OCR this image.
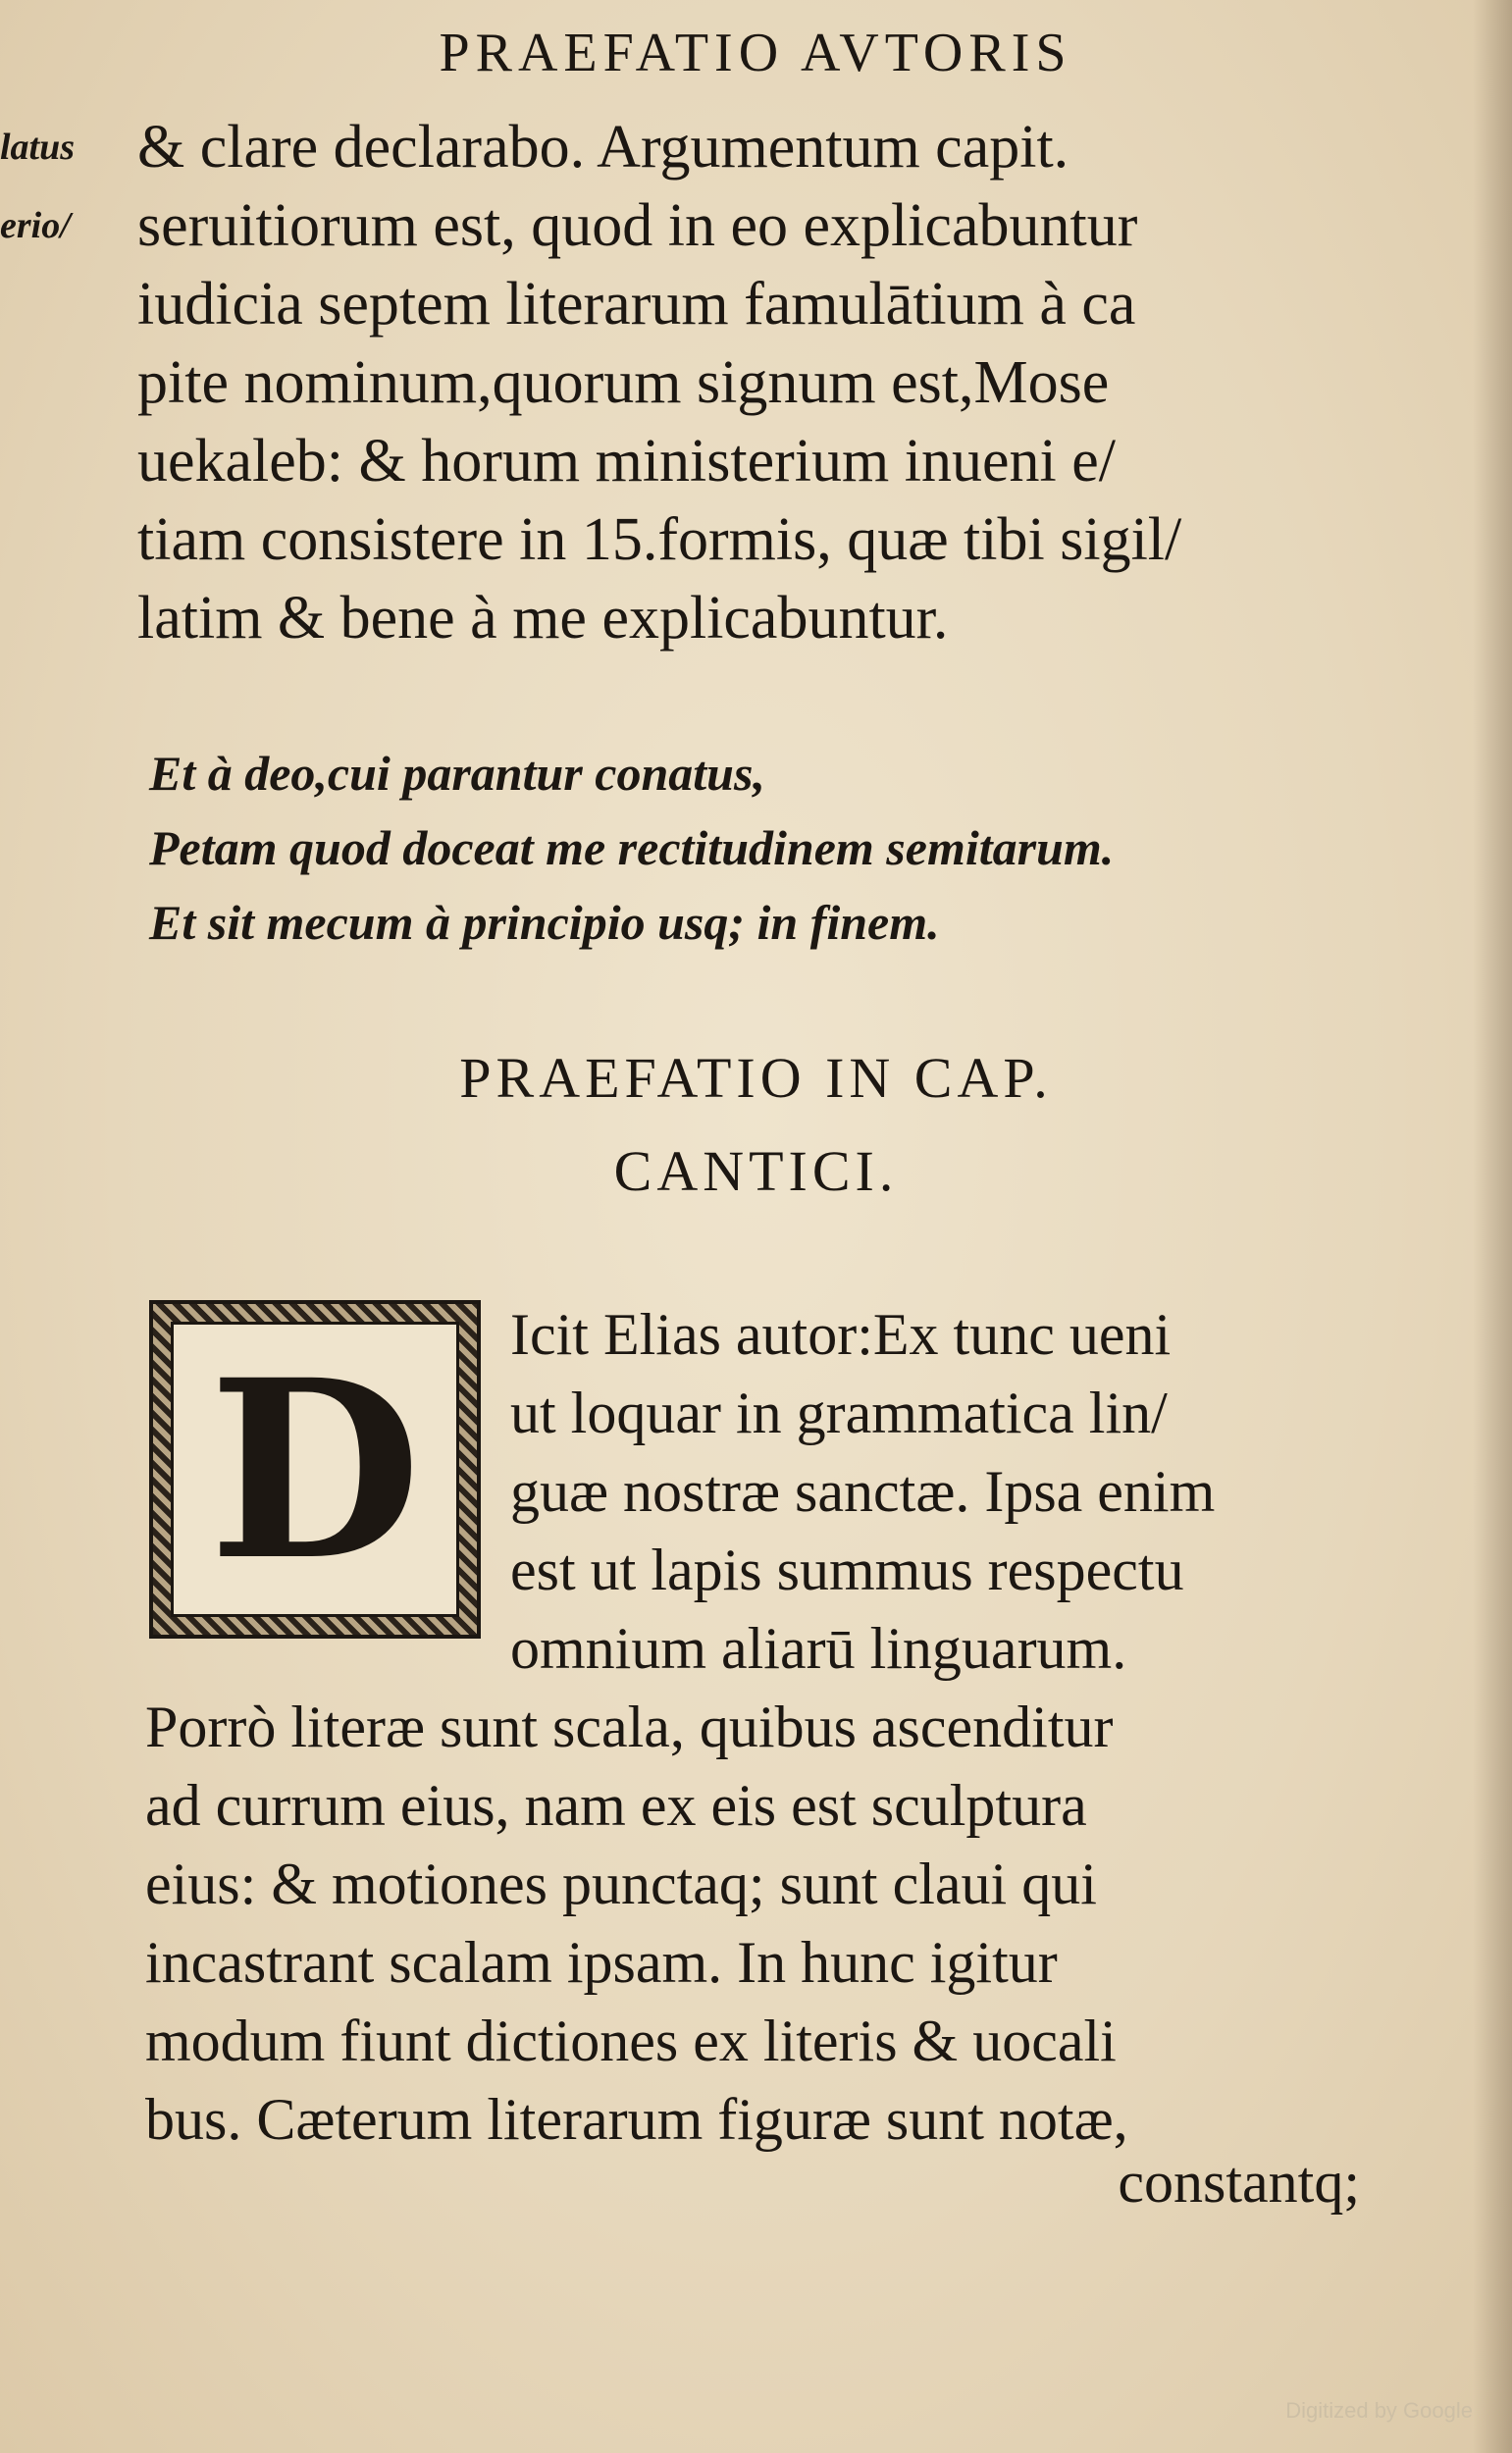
PRAEFATIO AVTORIS
latus
erio/
& clare declarabo. Argumentum capit.
seruitiorum est, quod in eo explicabuntur
iudicia septem literarum famulātium à ca
pite nominum,quorum signum est,Mose
uekaleb: & horum ministerium inueni e/
tiam consistere in 15.formis, quæ tibi sigil/
latim & bene à me explicabuntur.
Et à deo,cui parantur conatus,
Petam quod doceat me rectitudinem semitarum.
Et sit mecum à principio usq; in finem.
PRAEFATIO IN CAP.
CANTICI.
D Icit Elias autor:Ex tunc ueni
ut loquar in grammatica lin/
guæ nostræ sanctæ. Ipsa enim
est ut lapis summus respectu
omnium aliarū linguarum.
Porrò literæ sunt scala, quibus ascenditur
ad currum eius, nam ex eis est sculptura
eius: & motiones punctaq; sunt claui qui
incastrant scalam ipsam. In hunc igitur
modum fiunt dictiones ex literis & uocali
bus. Cæterum literarum figuræ sunt notæ,
constantq;
Digitized by Google
